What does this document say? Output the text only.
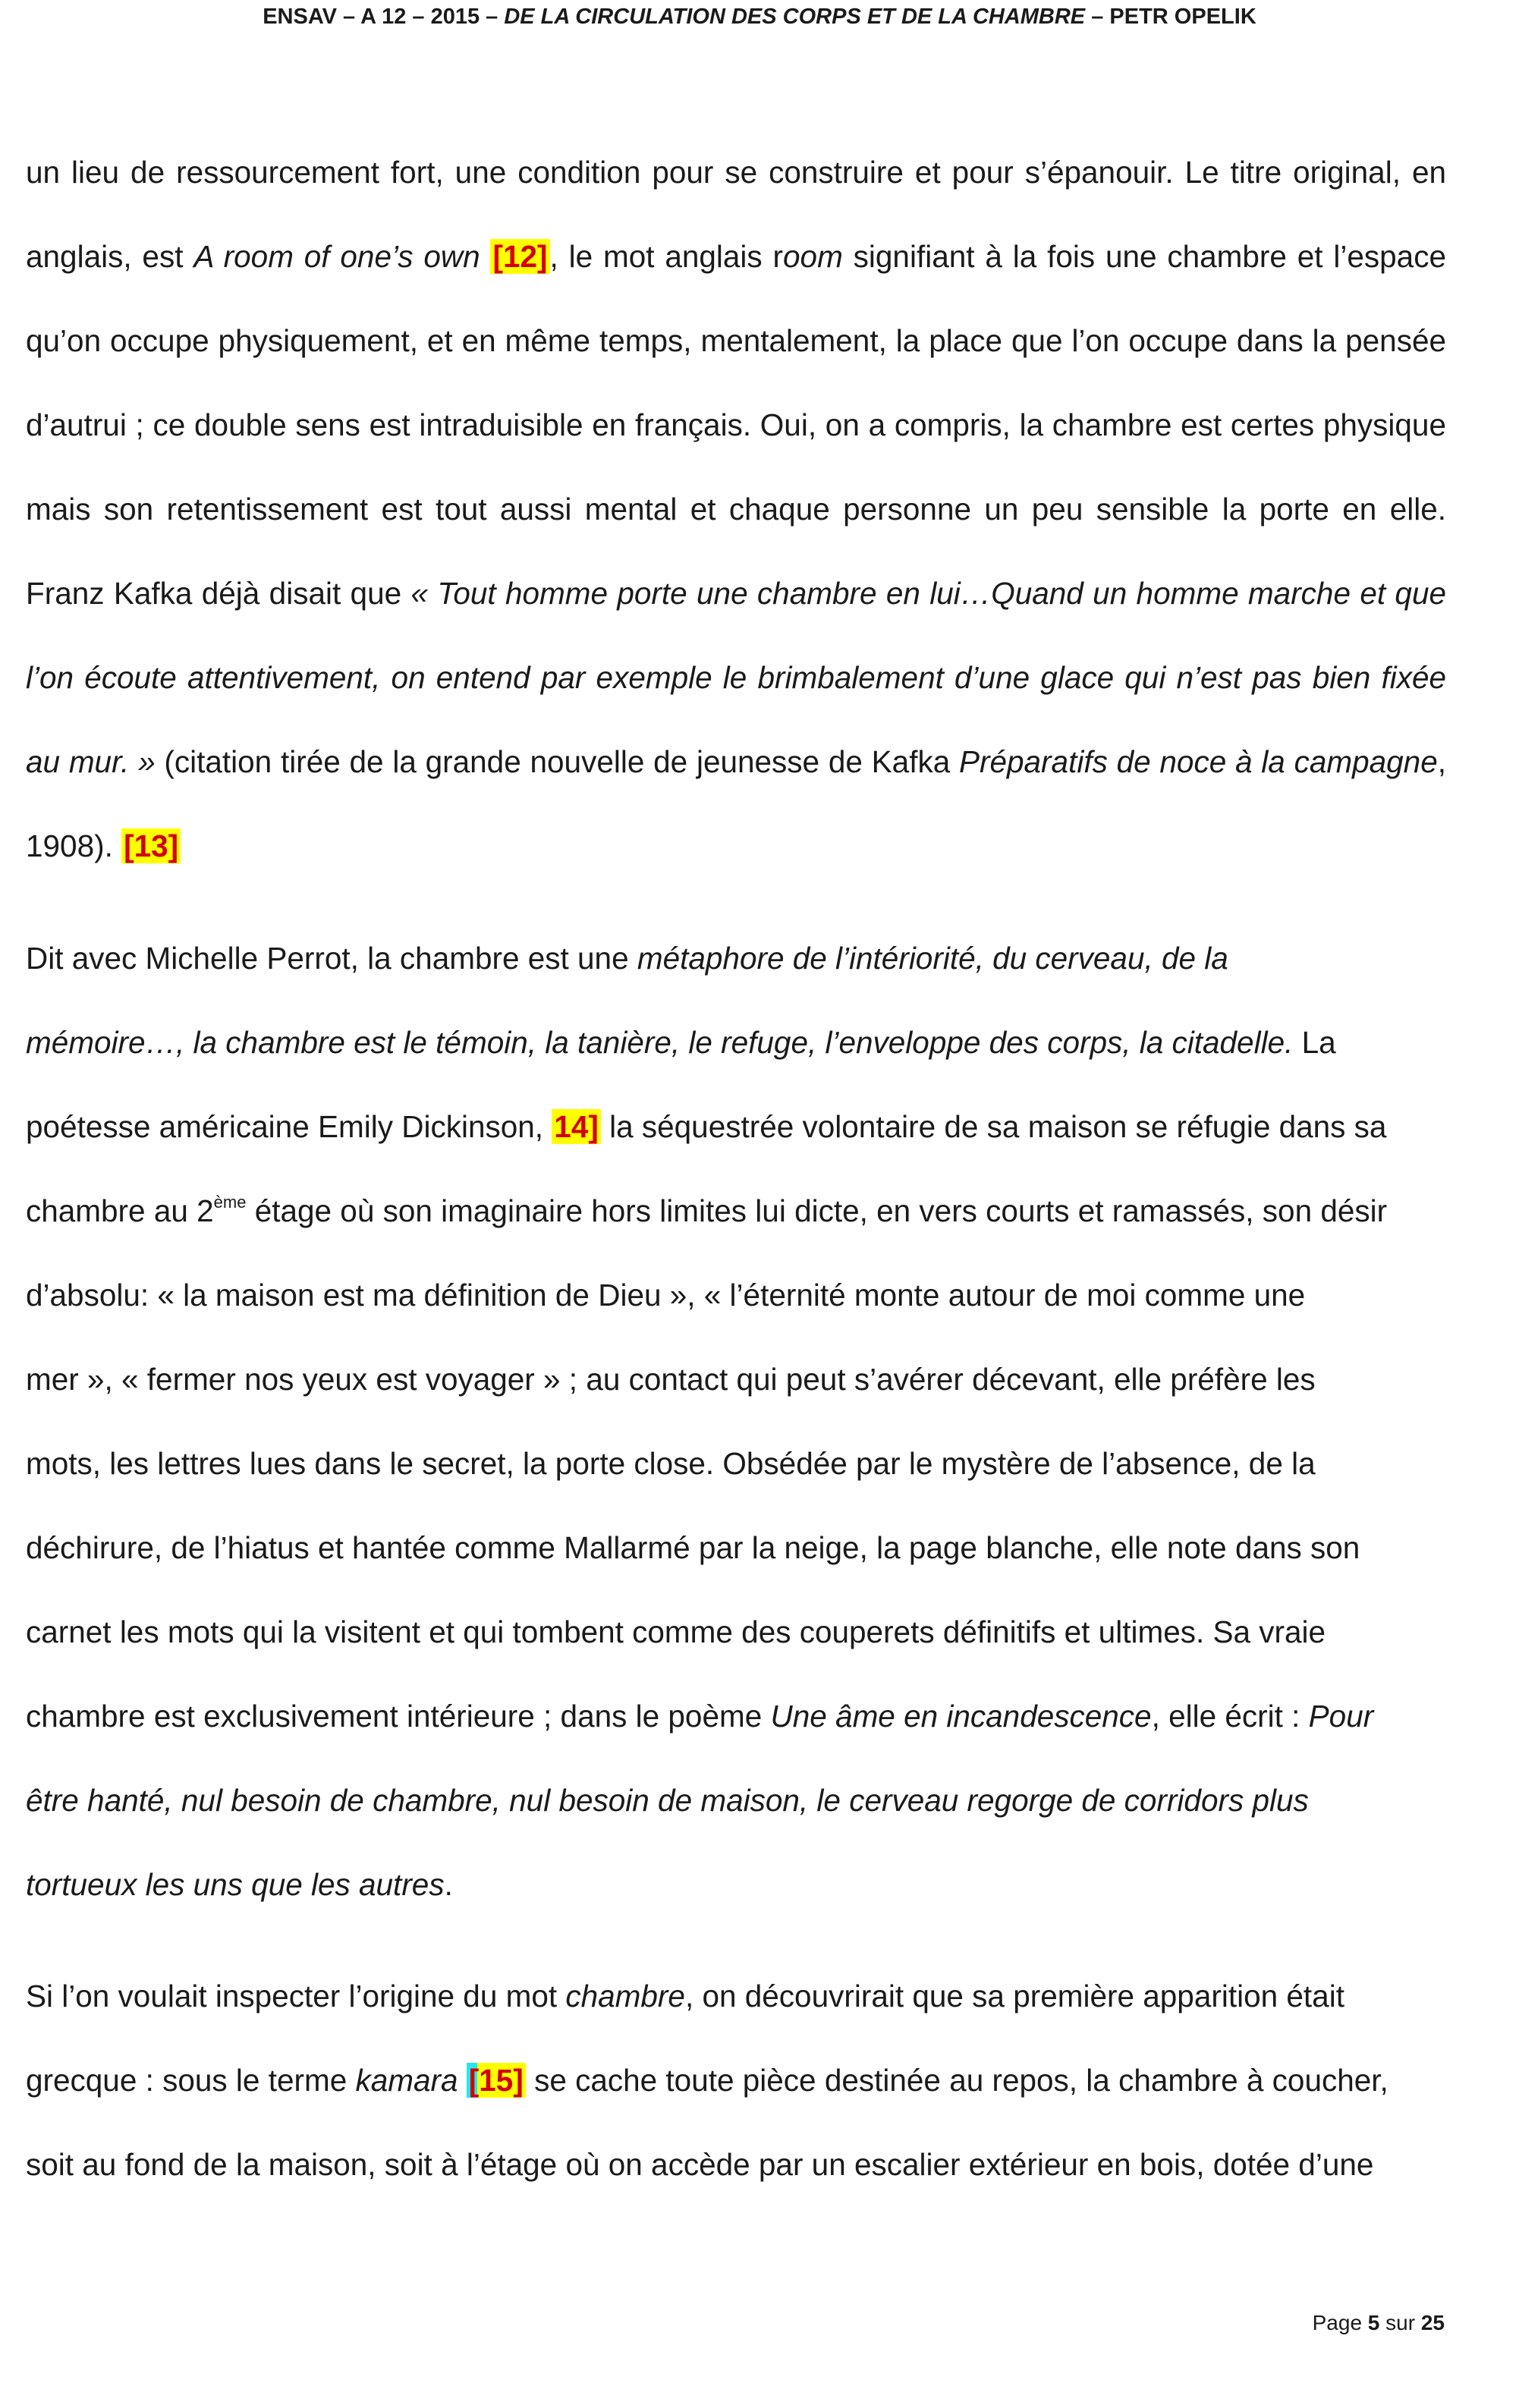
ENSAV – A 12 – 2015 – DE LA CIRCULATION DES CORPS ET DE LA CHAMBRE – PETR OPELIK
un lieu de ressourcement fort, une condition pour se construire et pour s’épanouir. Le titre original, en anglais, est A room of one’s own [12], le mot anglais room signifiant à la fois une chambre et l’espace qu’on occupe physiquement, et en même temps, mentalement, la place que l’on occupe dans la pensée d’autrui ; ce double sens est intraduisible en français. Oui, on a compris, la chambre est certes physique mais son retentissement est tout aussi mental et chaque personne un peu sensible la porte en elle. Franz Kafka déjà disait que « Tout homme porte une chambre en lui…Quand un homme marche et que l’on écoute attentivement, on entend par exemple le brimbalement d’une glace qui n’est pas bien fixée au mur. » (citation tirée de la grande nouvelle de jeunesse de Kafka Préparatifs de noce à la campagne, 1908). [13]
Dit avec Michelle Perrot, la chambre est une métaphore de l’intériorité, du cerveau, de la
mémoire…, la chambre est le témoin, la tanière, le refuge, l’enveloppe des corps, la citadelle. La
poétesse américaine Emily Dickinson, 14] la séquestrée volontaire de sa maison se réfugie dans sa
chambre au 2ème étage où son imaginaire hors limites lui dicte, en vers courts et ramassés, son désir
d’absolu: « la maison est ma définition de Dieu », « l’éternité monte autour de moi comme une
mer », « fermer nos yeux est voyager » ; au contact qui peut s’avérer décevant, elle préfère les
mots, les lettres lues dans le secret, la porte close. Obsédée par le mystère de l’absence, de la
déchirure, de l’hiatus et hantée comme Mallarmé par la neige, la page blanche, elle note dans son
carnet les mots qui la visitent et qui tombent comme des couperets définitifs et ultimes. Sa vraie
chambre est exclusivement intérieure ; dans le poème Une âme en incandescence, elle écrit : Pour
être hanté, nul besoin de chambre, nul besoin de maison, le cerveau regorge de corridors plus
tortueux les uns que les autres.
Si l’on voulait inspecter l’origine du mot chambre, on découvrirait que sa première apparition était
grecque : sous le terme kamara [15] se cache toute pièce destinée au repos, la chambre à coucher,
soit au fond de la maison, soit à l’étage où on accède par un escalier extérieur en bois, dotée d’une
Page 5 sur 25
